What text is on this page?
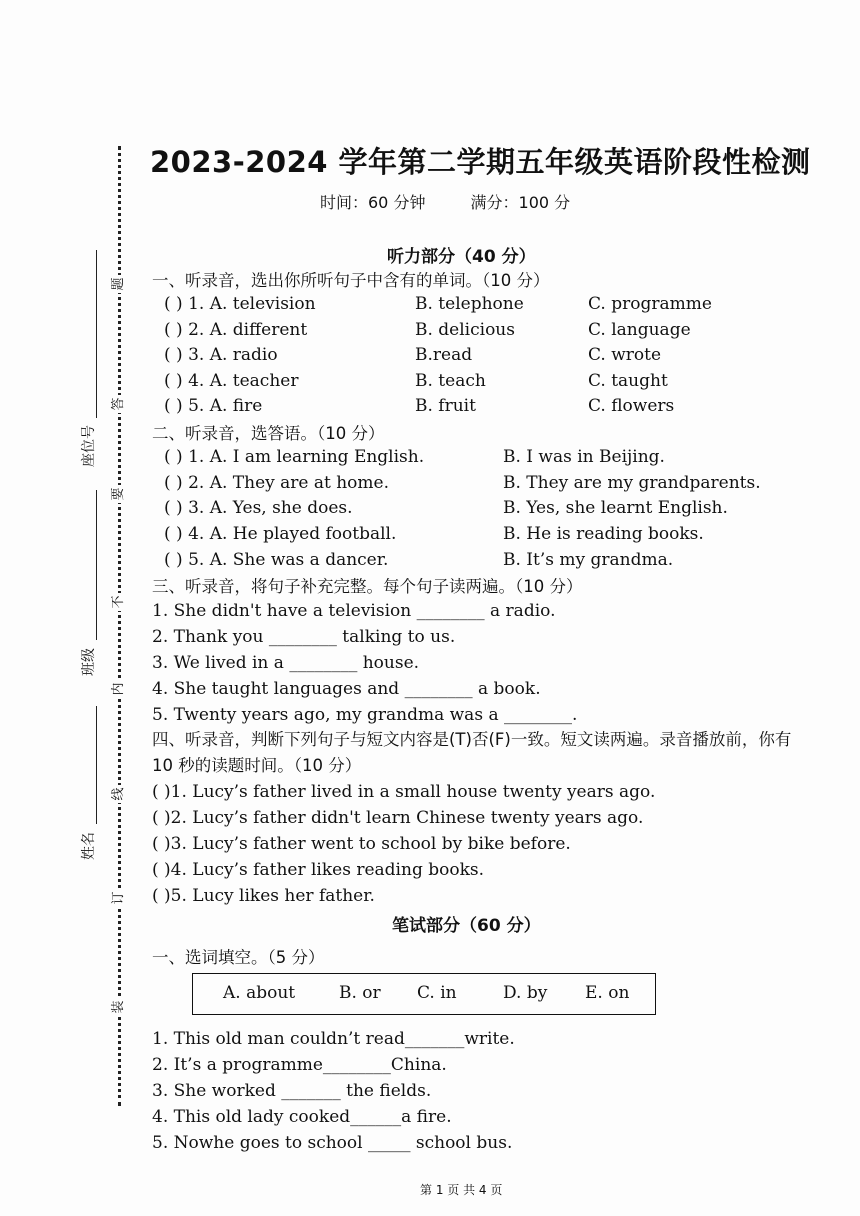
题
答
要
不
内
线
订
装
座位号
班级
姓名
2023-2024 学年第二学期五年级英语阶段性检测
时间：60 分钟	满分：100 分
听力部分（40 分）
一、听录音，选出你所听句子中含有的单词。（10 分）
( ) 1. A. television	B. telephone	C. programme
( ) 2. A. different	B. delicious	C. language
( ) 3. A. radio	B.read	C. wrote
( ) 4. A. teacher	B. teach	C. taught
( ) 5. A. fire	B. fruit	C. flowers
二、听录音，选答语。（10 分）
( ) 1. A. I am learning English.	B. I was in Beijing.
( ) 2. A. They are at home.	B. They are my grandparents.
( ) 3. A. Yes, she does.	B. Yes, she learnt English.
( ) 4. A. He played football.	B. He is reading books.
( ) 5. A. She was a dancer.	B. It’s my grandma.
三、听录音，将句子补充完整。每个句子读两遍。（10 分）
1. She didn't have a television ________ a radio.
2. Thank you ________ talking to us.
3. We lived in a ________ house.
4. She taught languages and ________ a book.
5. Twenty years ago, my grandma was a ________.
四、听录音，判断下列句子与短文内容是(T)否(F)一致。短文读两遍。录音播放前，你有 10 秒的读题时间。（10 分）
( )1. Lucy’s father lived in a small house twenty years ago.
( )2. Lucy’s father didn't learn Chinese twenty years ago.
( )3. Lucy’s father went to school by bike before.
( )4. Lucy’s father likes reading books.
( )5. Lucy likes her father.
笔试部分（60 分）
一、选词填空。（5 分）
A. about	B. or C. in	D. by E. on
1. This old man couldn’t read_______write.
2. It’s a programme________China.
3. She worked _______ the fields.
4. This old lady cooked______a fire.
5. Nowhe goes to school _____ school bus.
第 1 页 共 4 页
